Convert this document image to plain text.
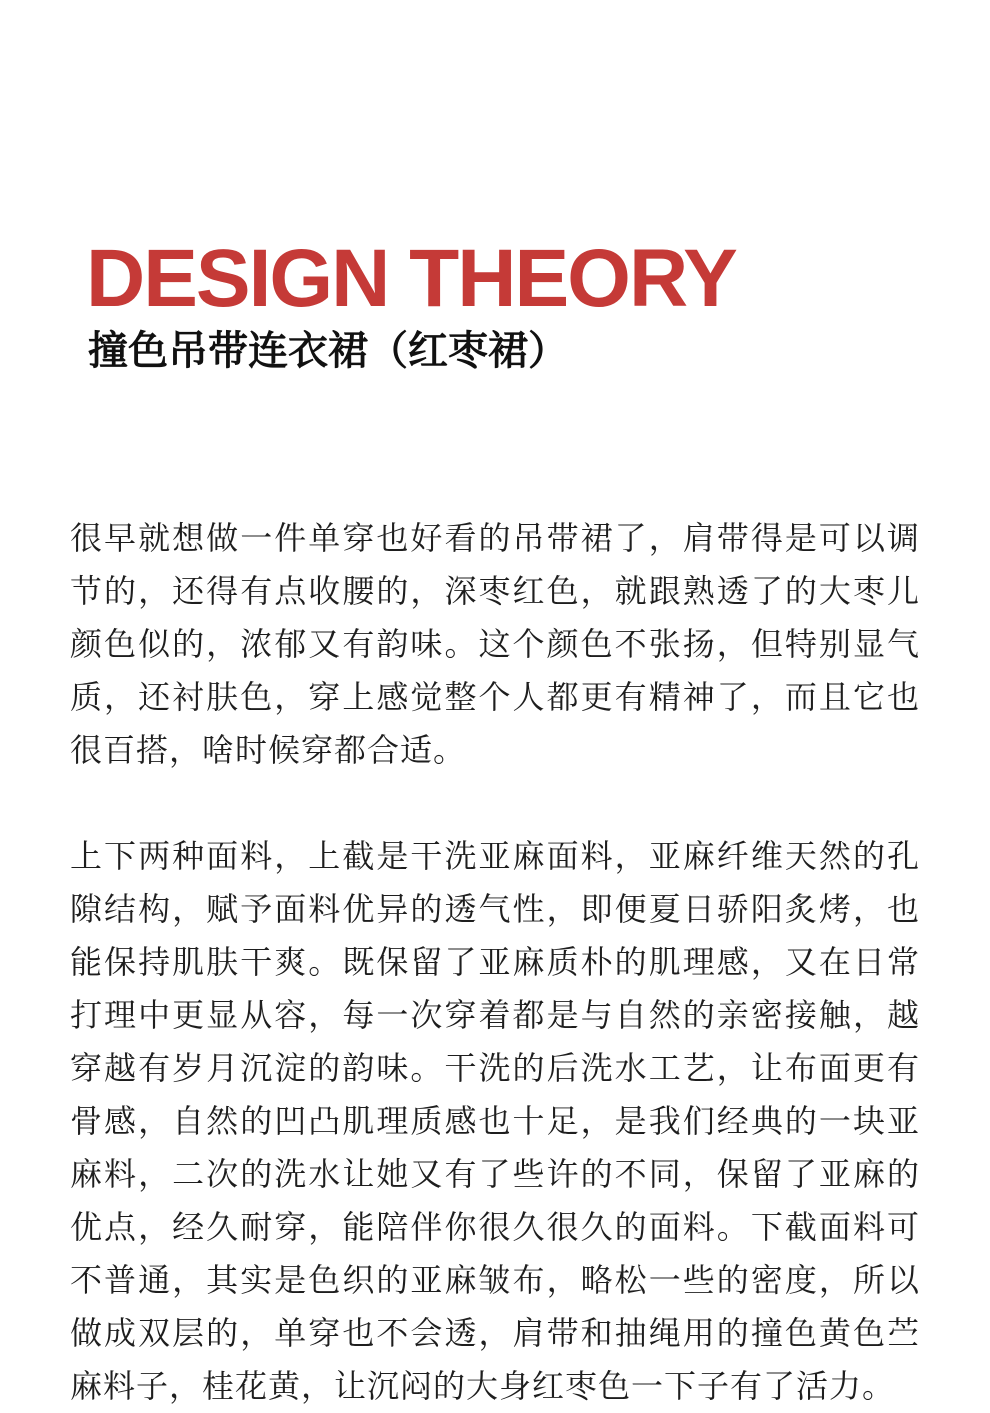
DESIGN THEORY
撞色吊带连衣裙（红枣裙）

很早就想做一件单穿也好看的吊带裙了，肩带得是可以调节的，还得有点收腰的，深枣红色，就跟熟透了的大枣儿颜色似的，浓郁又有韵味。这个颜色不张扬，但特别显气质，还衬肤色，穿上感觉整个人都更有精神了，而且它也很百搭，啥时候穿都合适。

上下两种面料，上截是干洗亚麻面料，亚麻纤维天然的孔隙结构，赋予面料优异的透气性，即便夏日骄阳炙烤，也能保持肌肤干爽。既保留了亚麻质朴的肌理感，又在日常打理中更显从容，每一次穿着都是与自然的亲密接触，越穿越有岁月沉淀的韵味。干洗的后洗水工艺，让布面更有骨感，自然的凹凸肌理质感也十足，是我们经典的一块亚麻料，二次的洗水让她又有了些许的不同，保留了亚麻的优点，经久耐穿，能陪伴你很久很久的面料。下截面料可不普通，其实是色织的亚麻皱布，略松一些的密度，所以做成双层的，单穿也不会透，肩带和抽绳用的撞色黄色苎麻料子，桂花黄，让沉闷的大身红枣色一下子有了活力。
